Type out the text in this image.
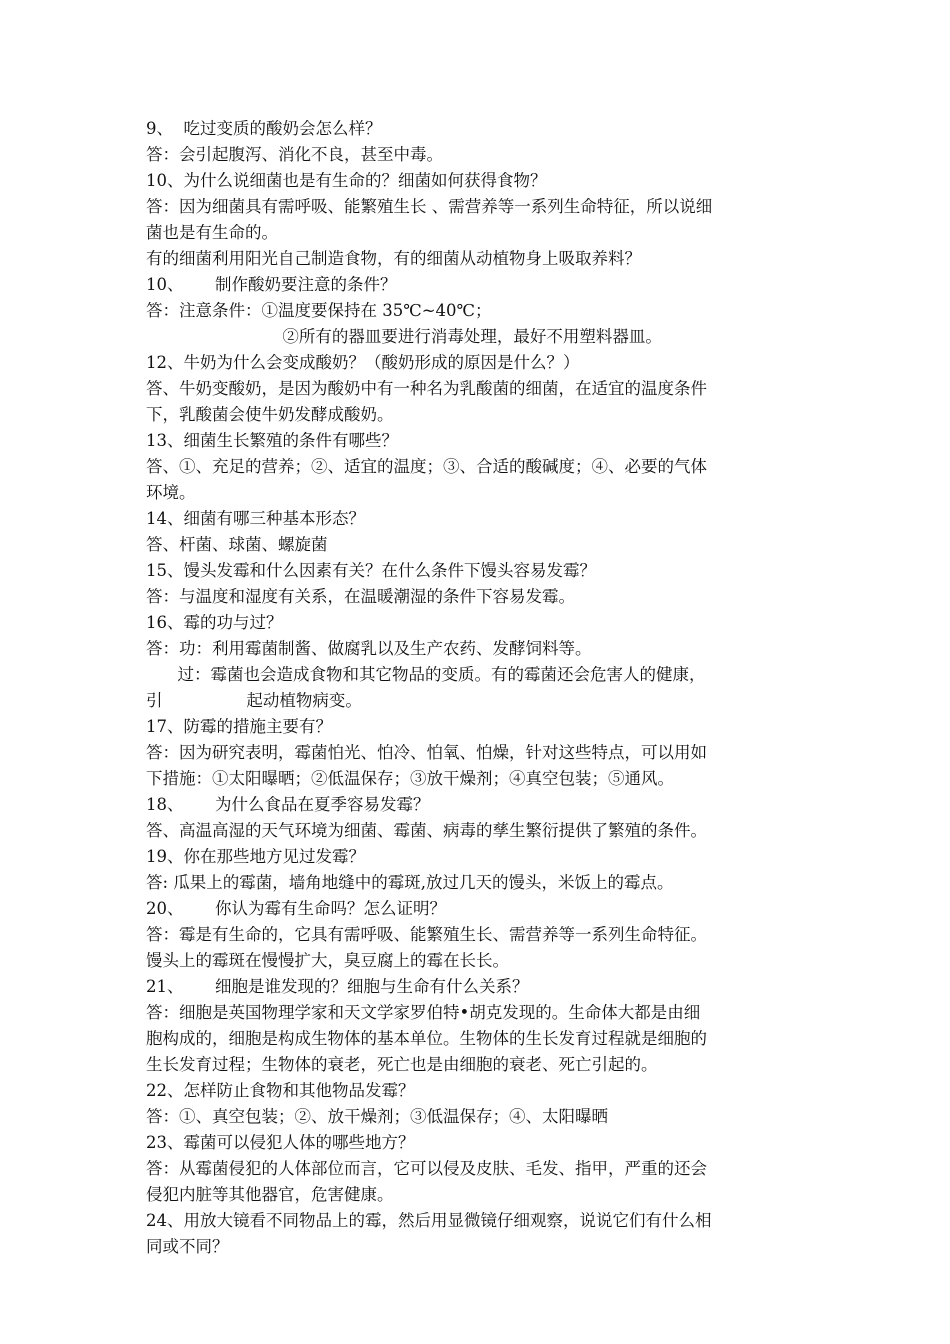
9、  吃过变质的酸奶会怎么样？
答：会引起腹泻、消化不良，甚至中毒。
10、为什么说细菌也是有生命的？细菌如何获得食物？
答：因为细菌具有需呼吸、能繁殖生长 、需营养等一系列生命特征，所以说细
菌也是有生命的。
有的细菌利用阳光自己制造食物，有的细菌从动植物身上吸取养料？
10、      制作酸奶要注意的条件？
答：注意条件：①温度要保持在 35℃~40℃；
②所有的器皿要进行消毒处理，最好不用塑料器皿。
12、牛奶为什么会变成酸奶？（酸奶形成的原因是什么？）
答、牛奶变酸奶，是因为酸奶中有一种名为乳酸菌的细菌，在适宜的温度条件
下，乳酸菌会使牛奶发酵成酸奶。
13、细菌生长繁殖的条件有哪些？
答、①、充足的营养；②、适宜的温度；③、合适的酸碱度；④、必要的气体
环境。
14、细菌有哪三种基本形态？
答、杆菌、球菌、螺旋菌
15、馒头发霉和什么因素有关？在什么条件下馒头容易发霉？
答：与温度和湿度有关系，在温暖潮湿的条件下容易发霉。
16、霉的功与过？
答：功：利用霉菌制酱、做腐乳以及生产农药、发酵饲料等。
过：霉菌也会造成食物和其它物品的变质。有的霉菌还会危害人的健康，
引                起动植物病变。
17、防霉的措施主要有？
答：因为研究表明，霉菌怕光、怕冷、怕氧、怕燥，针对这些特点，可以用如
下措施：①太阳曝晒；②低温保存；③放干燥剂；④真空包装；⑤通风。
18、      为什么食品在夏季容易发霉？
答、高温高湿的天气环境为细菌、霉菌、病毒的孳生繁衍提供了繁殖的条件。
19、你在那些地方见过发霉？
答: 瓜果上的霉菌，墙角地缝中的霉斑,放过几天的馒头，米饭上的霉点。
20、      你认为霉有生命吗？怎么证明？
答：霉是有生命的，它具有需呼吸、能繁殖生长、需营养等一系列生命特征。
馒头上的霉斑在慢慢扩大，臭豆腐上的霉在长长。
21、      细胞是谁发现的？细胞与生命有什么关系？
答：细胞是英国物理学家和天文学家罗伯特•胡克发现的。生命体大都是由细
胞构成的，细胞是构成生物体的基本单位。生物体的生长发育过程就是细胞的
生长发育过程；生物体的衰老，死亡也是由细胞的衰老、死亡引起的。
22、怎样防止食物和其他物品发霉？
答：①、真空包装；②、放干燥剂；③低温保存；④、太阳曝晒
23、霉菌可以侵犯人体的哪些地方？
答：从霉菌侵犯的人体部位而言，它可以侵及皮肤、毛发、指甲，严重的还会
侵犯内脏等其他器官，危害健康。
24、用放大镜看不同物品上的霉，然后用显微镜仔细观察，说说它们有什么相
同或不同？
